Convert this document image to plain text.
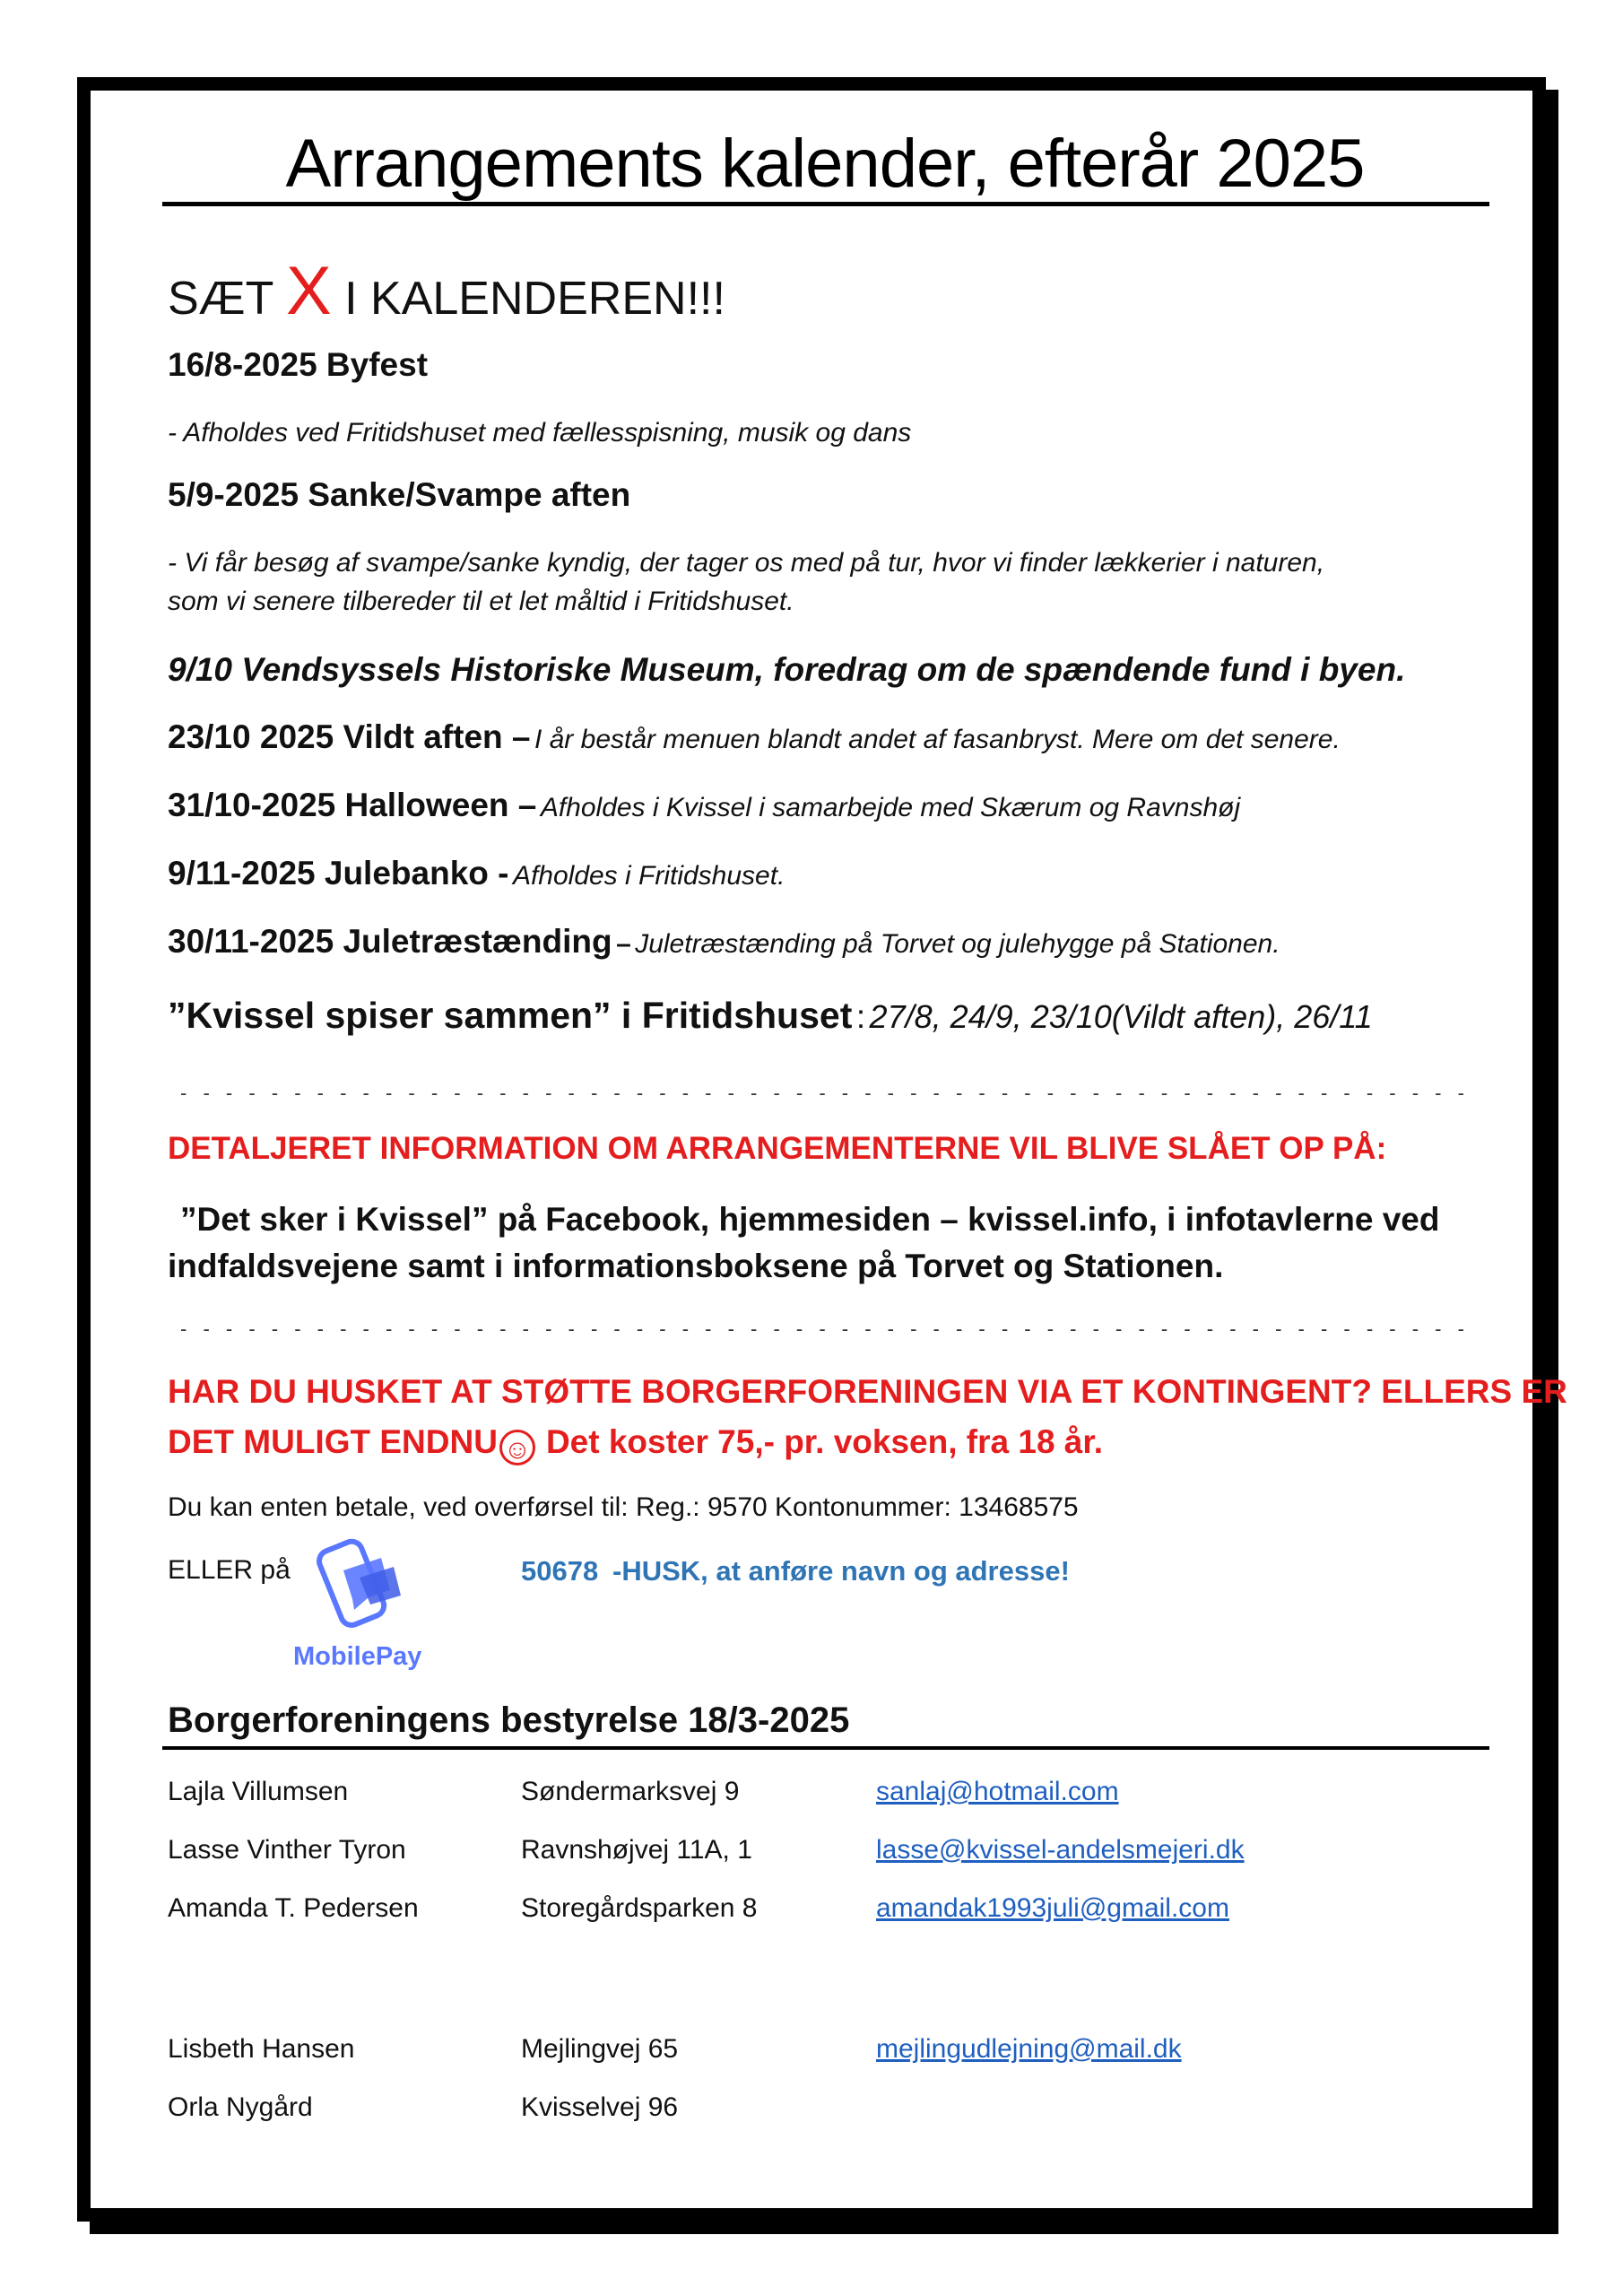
Arrangements kalender, efterår 2025
SÆT X I KALENDEREN!!!
16/8-2025 Byfest
- Afholdes ved Fritidshuset med fællesspisning, musik og dans
5/9-2025 Sanke/Svampe aften
- Vi får besøg af svampe/sanke kyndig, der tager os med på tur, hvor vi finder lækkerier i naturen,
som vi senere tilbereder til et let måltid i Fritidshuset.
9/10 Vendsyssels Historiske Museum, foredrag om de spændende fund i byen.
23/10 2025 Vildt aften – I år består menuen blandt andet af fasanbryst. Mere om det senere.
31/10-2025 Halloween – Afholdes i Kvissel i samarbejde med Skærum og Ravnshøj
9/11-2025 Julebanko - Afholdes i Fritidshuset.
30/11-2025 Juletræstænding – Juletræstænding på Torvet og julehygge på Stationen.
”Kvissel spiser sammen” i Fritidshuset : 27/8, 24/9, 23/10(Vildt aften), 26/11
- - - - - - - - - - - - - - - - - - - - - - - - - - - - - - - - - - - - - - - - - - - - - - - - - - - - - - - - -
DETALJERET INFORMATION OM ARRANGEMENTERNE VIL BLIVE SLÅET OP PÅ:
”Det sker i Kvissel” på Facebook, hjemmesiden – kvissel.info, i infotavlerne ved
indfaldsvejene samt i informationsboksene på Torvet og Stationen.
- - - - - - - - - - - - - - - - - - - - - - - - - - - - - - - - - - - - - - - - - - - - - - - - - - - - - - - - -
HAR DU HUSKET AT STØTTE BORGERFORENINGEN VIA ET KONTINGENT? ELLERS ER
DET MULIGT ENDNU ☺ Det koster 75,- pr. voksen, fra 18 år.
Du kan enten betale, ved overførsel til: Reg.: 9570 Kontonummer: 13468575
ELLER på
MobilePay
50678 -HUSK, at anføre navn og adresse!
Borgerforeningens bestyrelse 18/3-2025
Lajla Villumsen	Søndermarksvej 9	sanlaj@hotmail.com
Lasse Vinther Tyron	Ravnshøjvej 11A, 1	lasse@kvissel-andelsmejeri.dk
Amanda T. Pedersen	Storegårdsparken 8	amandak1993juli@gmail.com
Lisbeth Hansen	Mejlingvej 65	mejlingudlejning@mail.dk
Orla Nygård	Kvisselvej 96
